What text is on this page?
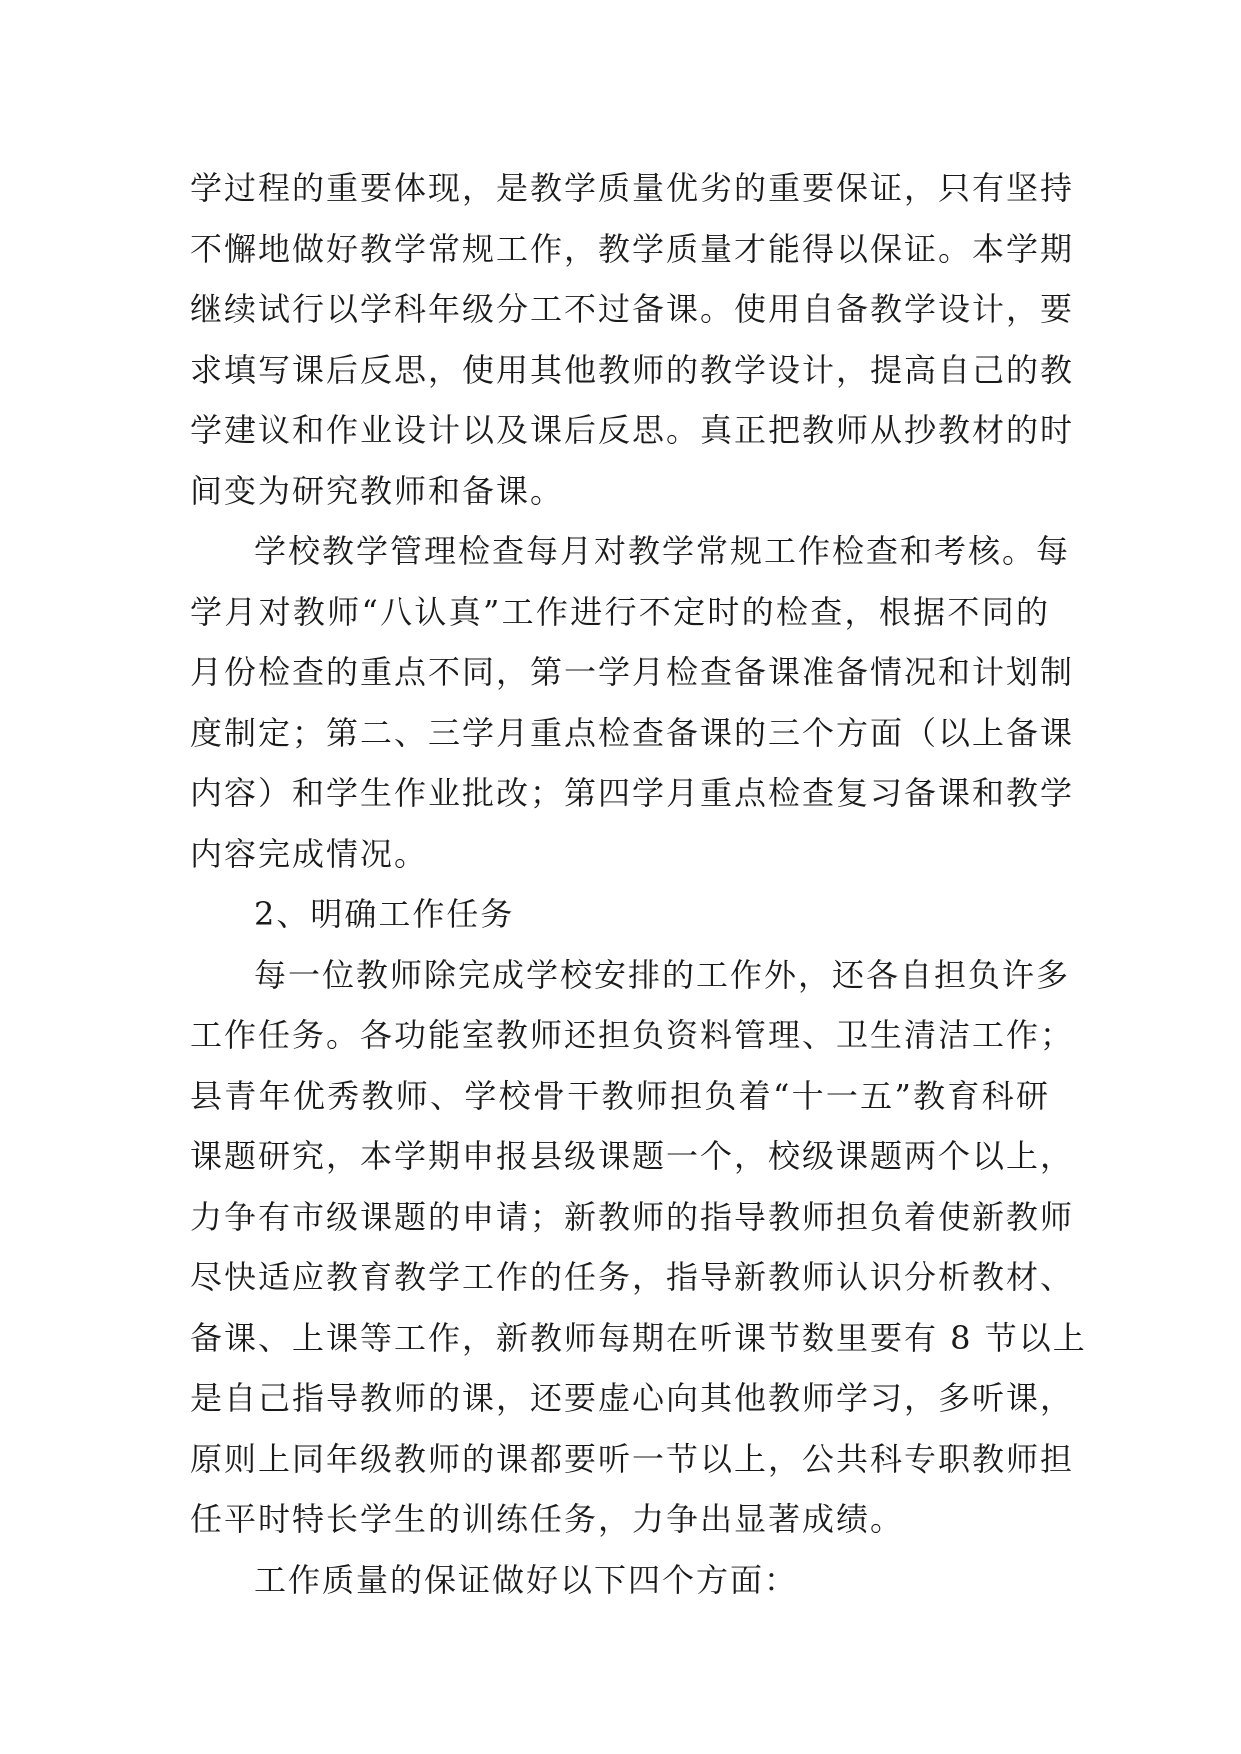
学过程的重要体现，是教学质量优劣的重要保证，只有坚持
不懈地做好教学常规工作，教学质量才能得以保证。本学期
继续试行以学科年级分工不过备课。使用自备教学设计，要
求填写课后反思，使用其他教师的教学设计，提高自己的教
学建议和作业设计以及课后反思。真正把教师从抄教材的时
间变为研究教师和备课。
学校教学管理检查每月对教学常规工作检查和考核。每
学月对教师“八认真”工作进行不定时的检查，根据不同的
月份检查的重点不同，第一学月检查备课准备情况和计划制
度制定；第二、三学月重点检查备课的三个方面（以上备课
内容）和学生作业批改；第四学月重点检查复习备课和教学
内容完成情况。
2、明确工作任务
每一位教师除完成学校安排的工作外，还各自担负许多
工作任务。各功能室教师还担负资料管理、卫生清洁工作；
县青年优秀教师、学校骨干教师担负着“十一五”教育科研
课题研究，本学期申报县级课题一个，校级课题两个以上，
力争有市级课题的申请；新教师的指导教师担负着使新教师
尽快适应教育教学工作的任务，指导新教师认识分析教材、
备课、上课等工作，新教师每期在听课节数里要有 8 节以上
是自己指导教师的课，还要虚心向其他教师学习，多听课，
原则上同年级教师的课都要听一节以上，公共科专职教师担
任平时特长学生的训练任务，力争出显著成绩。
工作质量的保证做好以下四个方面：
